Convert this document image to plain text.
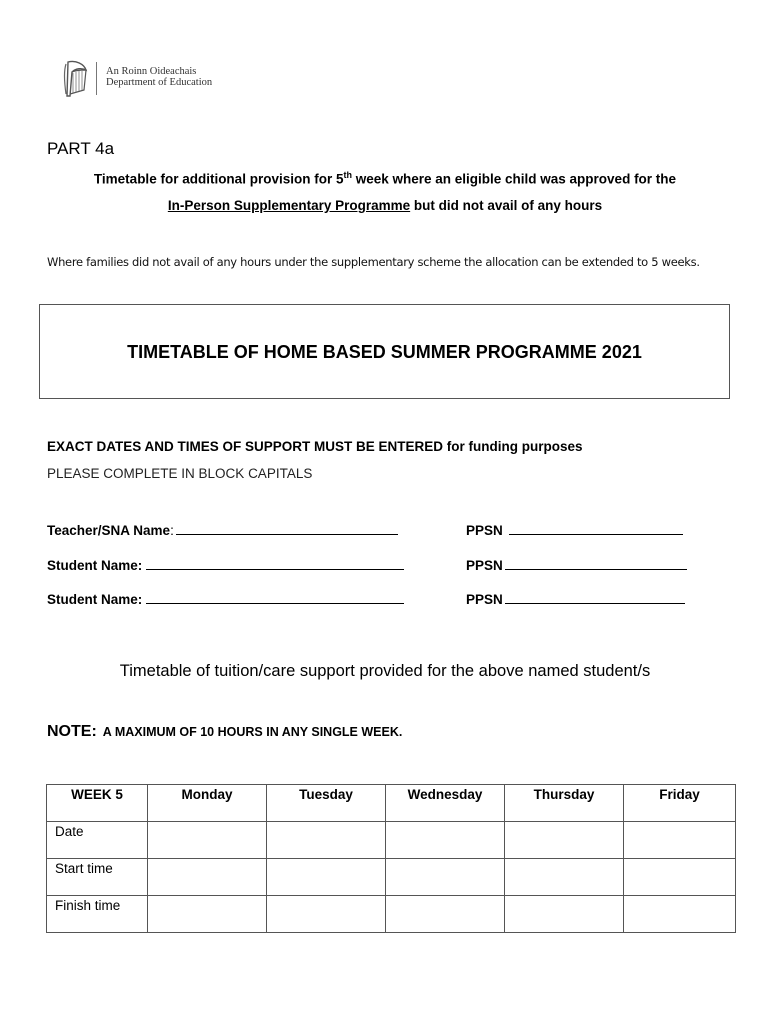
An Roinn Oideachais
Department of Education
PART 4a
Timetable for additional provision for 5th week where an eligible child was approved for the
In-Person Supplementary Programme but did not avail of any hours
Where families did not avail of any hours under the supplementary scheme the allocation can be extended to 5 weeks.
TIMETABLE OF HOME BASED SUMMER PROGRAMME 2021
EXACT DATES AND TIMES OF SUPPORT MUST BE ENTERED for funding purposes
PLEASE COMPLETE IN BLOCK CAPITALS
Teacher/SNA Name:	PPSN
Student Name:	PPSN
Student Name:	PPSN
Timetable of tuition/care support provided for the above named student/s
NOTE: A MAXIMUM OF 10 HOURS IN ANY SINGLE WEEK.
WEEK 5	Monday	Tuesday	Wednesday	Thursday	Friday
Date					
Start time					
Finish time					
